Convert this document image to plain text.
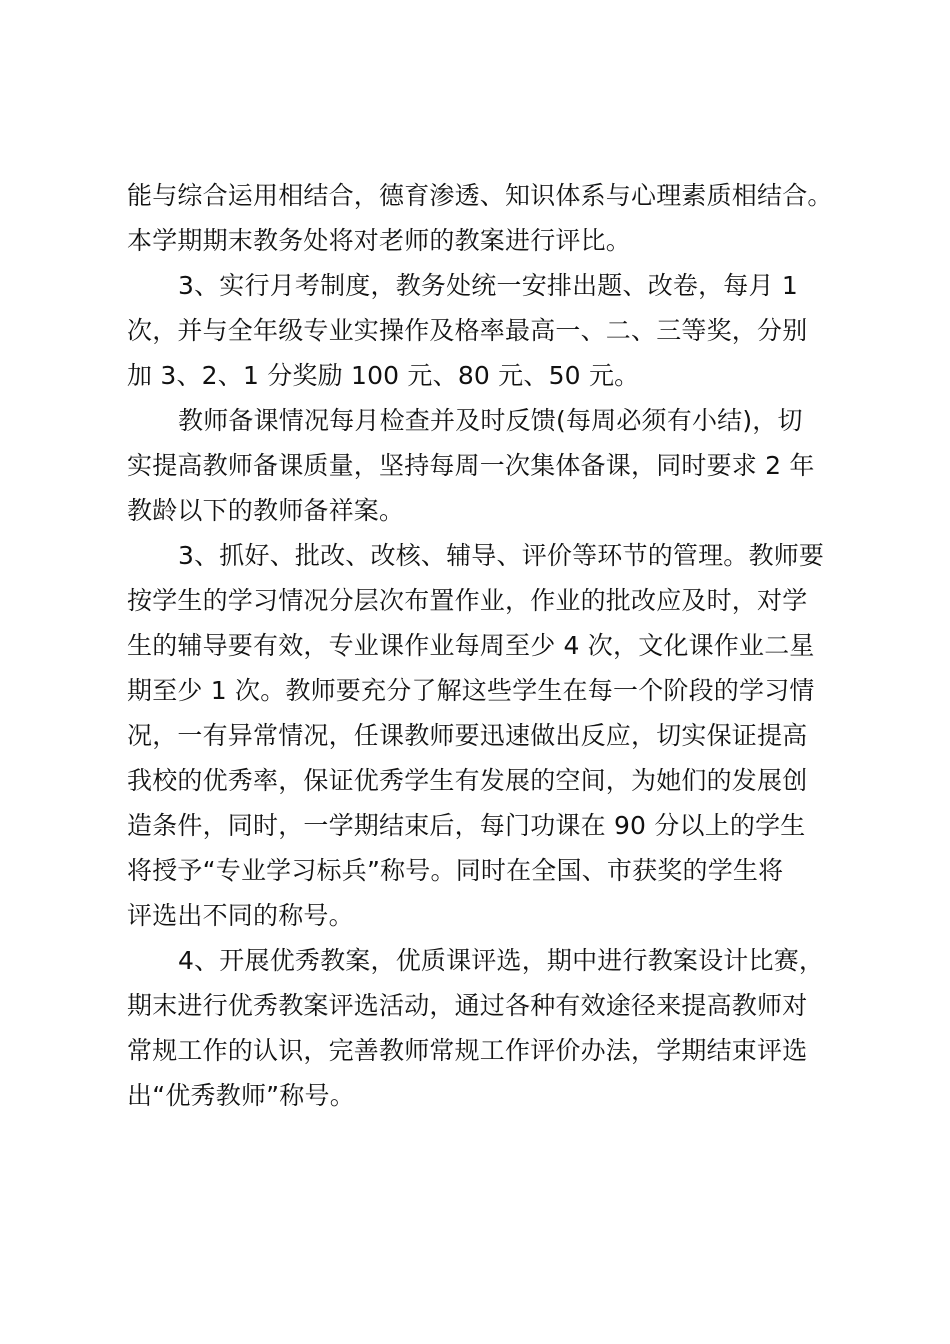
能与综合运用相结合，德育渗透、知识体系与心理素质相结合。
本学期期末教务处将对老师的教案进行评比。
3、实行月考制度，教务处统一安排出题、改卷，每月 1
次，并与全年级专业实操作及格率最高一、二、三等奖，分别
加 3、2、1 分奖励 100 元、80 元、50 元。
教师备课情况每月检查并及时反馈(每周必须有小结)，切
实提高教师备课质量，坚持每周一次集体备课，同时要求 2 年
教龄以下的教师备祥案。
3、抓好、批改、改核、辅导、评价等环节的管理。教师要
按学生的学习情况分层次布置作业，作业的批改应及时，对学
生的辅导要有效，专业课作业每周至少 4 次，文化课作业二星
期至少 1 次。教师要充分了解这些学生在每一个阶段的学习情
况，一有异常情况，任课教师要迅速做出反应，切实保证提高
我校的优秀率，保证优秀学生有发展的空间，为她们的发展创
造条件，同时，一学期结束后，每门功课在 90 分以上的学生
将授予“专业学习标兵”称号。同时在全国、市获奖的学生将
评选出不同的称号。
4、开展优秀教案，优质课评选，期中进行教案设计比赛，
期末进行优秀教案评选活动，通过各种有效途径来提高教师对
常规工作的认识，完善教师常规工作评价办法，学期结束评选
出“优秀教师”称号。
